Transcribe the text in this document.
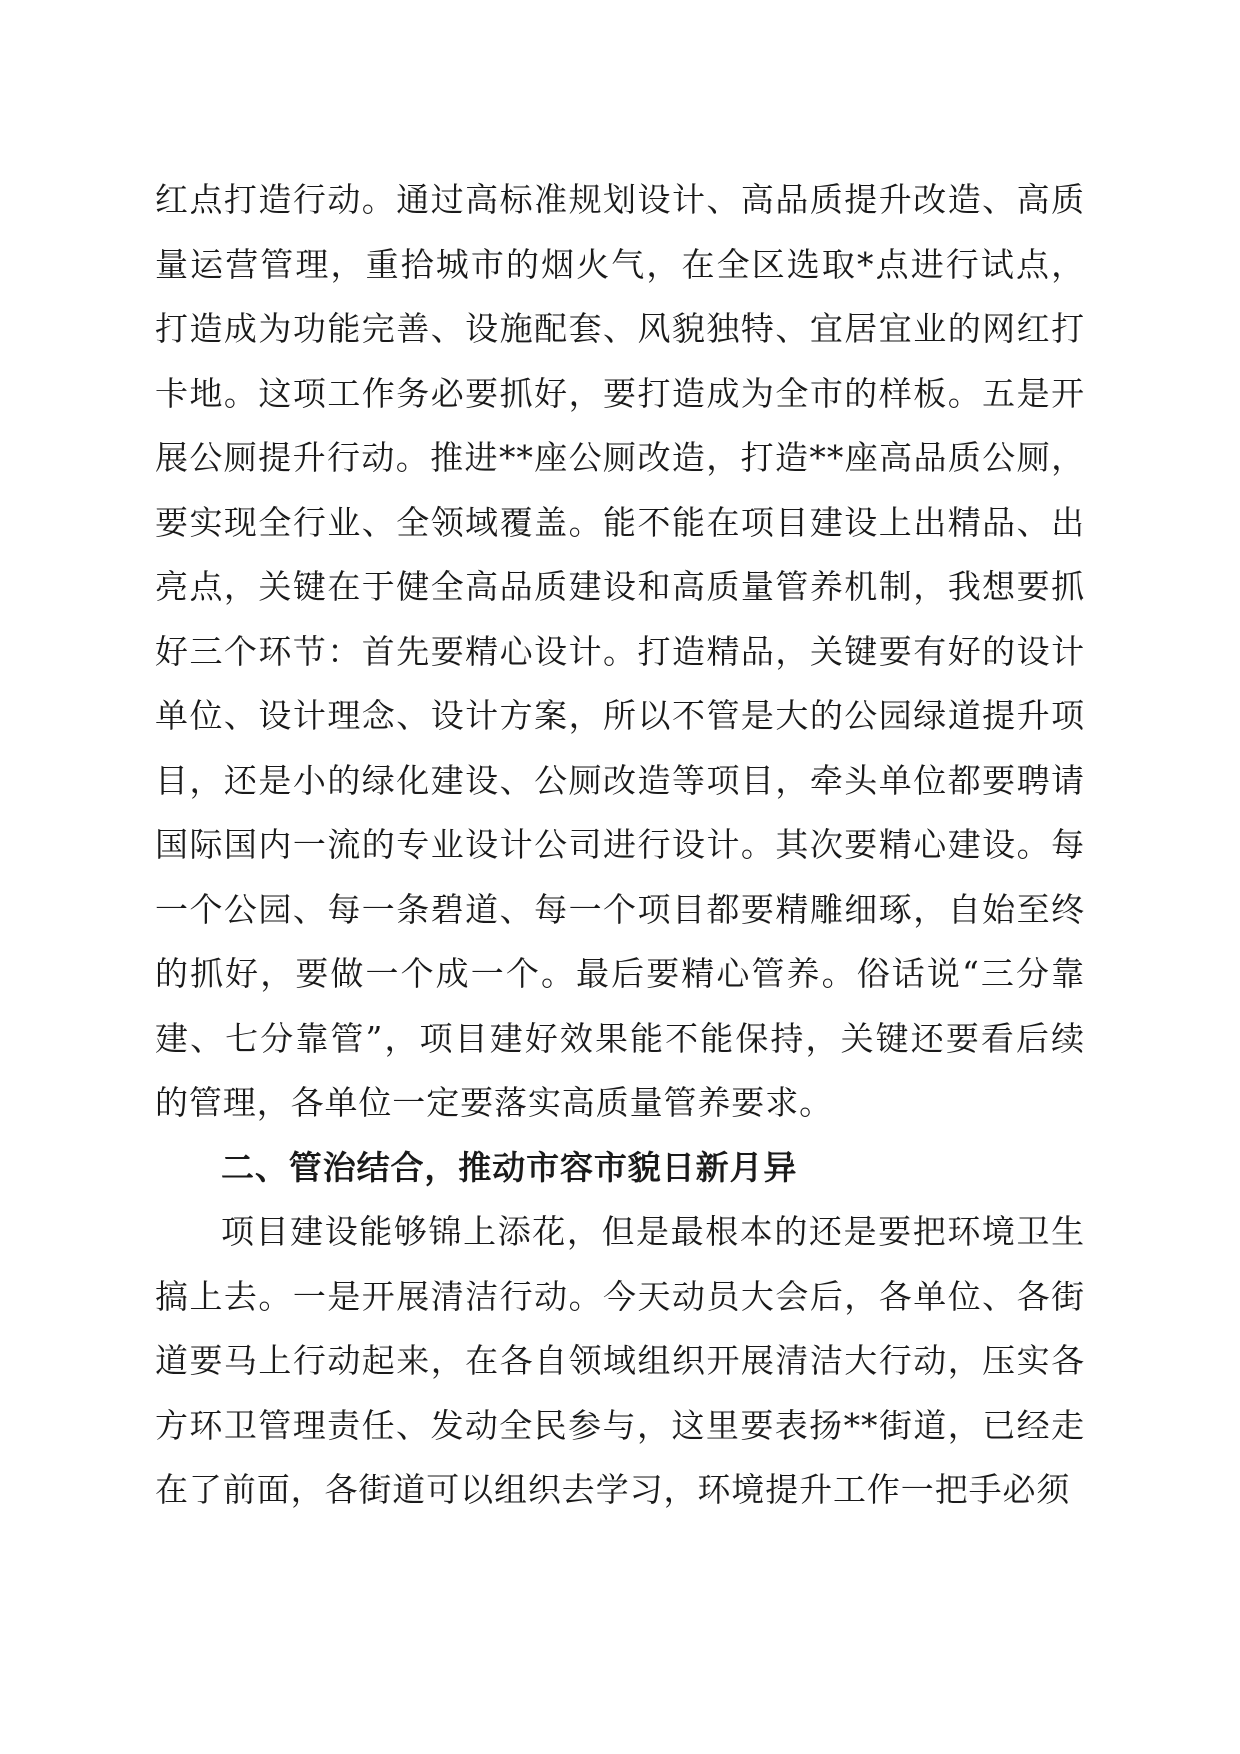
红点打造行动。通过高标准规划设计、高品质提升改造、高质量运营管理，重拾城市的烟火气，在全区选取*点进行试点，打造成为功能完善、设施配套、风貌独特、宜居宜业的网红打卡地。这项工作务必要抓好，要打造成为全市的样板。五是开展公厕提升行动。推进**座公厕改造，打造**座高品质公厕，要实现全行业、全领域覆盖。能不能在项目建设上出精品、出亮点，关键在于健全高品质建设和高质量管养机制，我想要抓好三个环节：首先要精心设计。打造精品，关键要有好的设计单位、设计理念、设计方案，所以不管是大的公园绿道提升项目，还是小的绿化建设、公厕改造等项目，牵头单位都要聘请国际国内一流的专业设计公司进行设计。其次要精心建设。每一个公园、每一条碧道、每一个项目都要精雕细琢，自始至终的抓好，要做一个成一个。最后要精心管养。俗话说“三分靠建、七分靠管”，项目建好效果能不能保持，关键还要看后续的管理，各单位一定要落实高质量管养要求。

二、管治结合，推动市容市貌日新月异

项目建设能够锦上添花，但是最根本的还是要把环境卫生搞上去。一是开展清洁行动。今天动员大会后，各单位、各街道要马上行动起来，在各自领域组织开展清洁大行动，压实各方环卫管理责任、发动全民参与，这里要表扬**街道，已经走在了前面，各街道可以组织去学习，环境提升工作一把手必须
